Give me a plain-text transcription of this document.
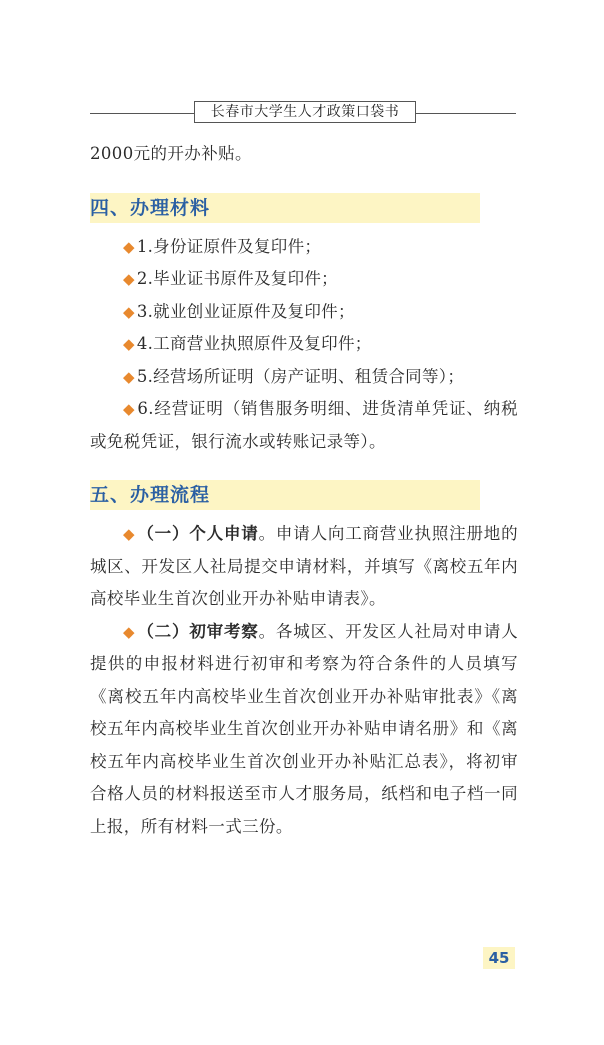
长春市大学生人才政策口袋书

2000元的开办补贴。

四、办理材料

◆ 1.身份证原件及复印件；

◆ 2.毕业证书原件及复印件；

◆ 3.就业创业证原件及复印件；

◆ 4.工商营业执照原件及复印件；

◆ 5.经营场所证明（房产证明、租赁合同等）；

◆ 6.经营证明（销售服务明细、进货清单凭证、纳税或免税凭证，银行流水或转账记录等）。

五、办理流程

◆ （一）个人申请。申请人向工商营业执照注册地的城区、开发区人社局提交申请材料，并填写《离校五年内高校毕业生首次创业开办补贴申请表》。

◆ （二）初审考察。各城区、开发区人社局对申请人提供的申报材料进行初审和考察为符合条件的人员填写《离校五年内高校毕业生首次创业开办补贴审批表》《离校五年内高校毕业生首次创业开办补贴申请名册》和《离校五年内高校毕业生首次创业开办补贴汇总表》，将初审合格人员的材料报送至市人才服务局，纸档和电子档一同上报，所有材料一式三份。

45
